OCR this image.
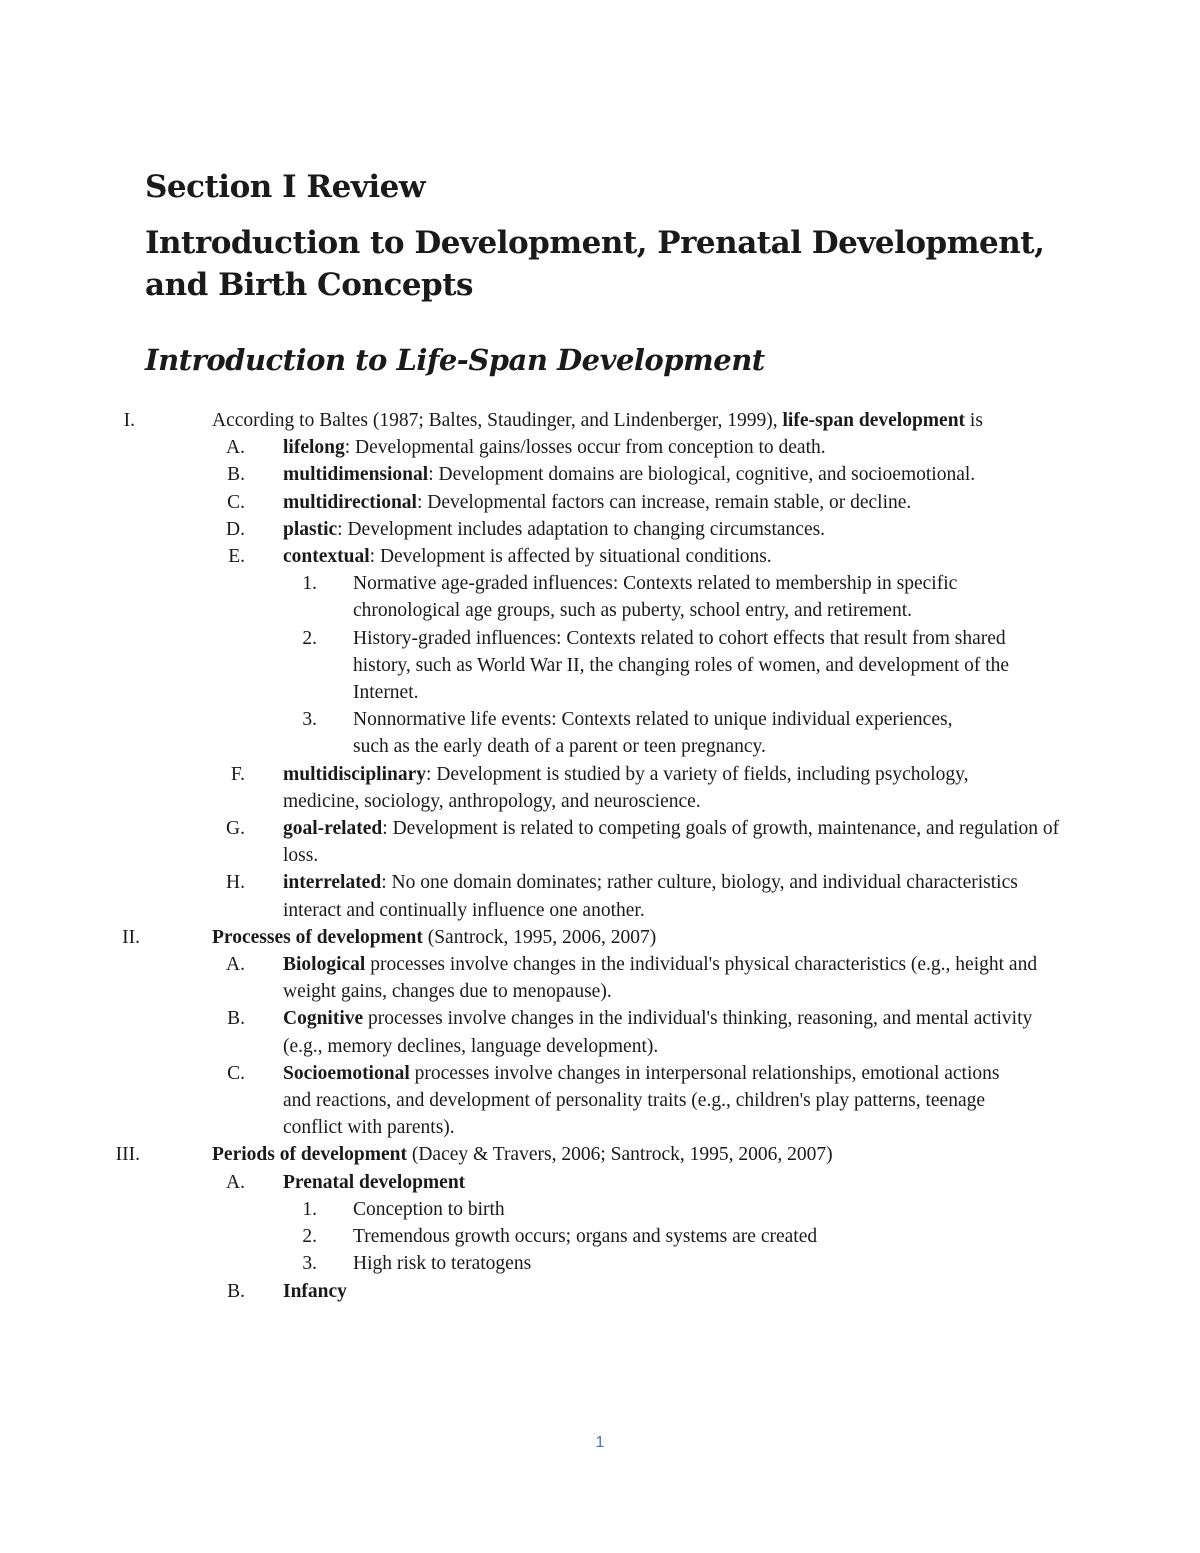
Section I Review
Introduction to Development, Prenatal Development, and Birth Concepts
Introduction to Life-Span Development
I.	According to Baltes (1987; Baltes, Staudinger, and Lindenberger, 1999), life-span development is
A. lifelong: Developmental gains/losses occur from conception to death.
B. multidimensional: Development domains are biological, cognitive, and socioemotional.
C. multidirectional: Developmental factors can increase, remain stable, or decline.
D. plastic: Development includes adaptation to changing circumstances.
E. contextual: Development is affected by situational conditions.
1. Normative age-graded influences: Contexts related to membership in specific chronological age groups, such as puberty, school entry, and retirement.
2. History-graded influences: Contexts related to cohort effects that result from shared history, such as World War II, the changing roles of women, and development of the Internet.
3. Nonnormative life events: Contexts related to unique individual experiences, such as the early death of a parent or teen pregnancy.
F. multidisciplinary: Development is studied by a variety of fields, including psychology, medicine, sociology, anthropology, and neuroscience.
G. goal-related: Development is related to competing goals of growth, maintenance, and regulation of loss.
H. interrelated: No one domain dominates; rather culture, biology, and individual characteristics interact and continually influence one another.
II.	Processes of development (Santrock, 1995, 2006, 2007)
A. Biological processes involve changes in the individual's physical characteristics (e.g., height and weight gains, changes due to menopause).
B. Cognitive processes involve changes in the individual's thinking, reasoning, and mental activity (e.g., memory declines, language development).
C. Socioemotional processes involve changes in interpersonal relationships, emotional actions and reactions, and development of personality traits (e.g., children's play patterns, teenage conflict with parents).
III.	Periods of development (Dacey & Travers, 2006; Santrock, 1995, 2006, 2007)
A. Prenatal development
1. Conception to birth
2. Tremendous growth occurs; organs and systems are created
3. High risk to teratogens
B. Infancy
1
